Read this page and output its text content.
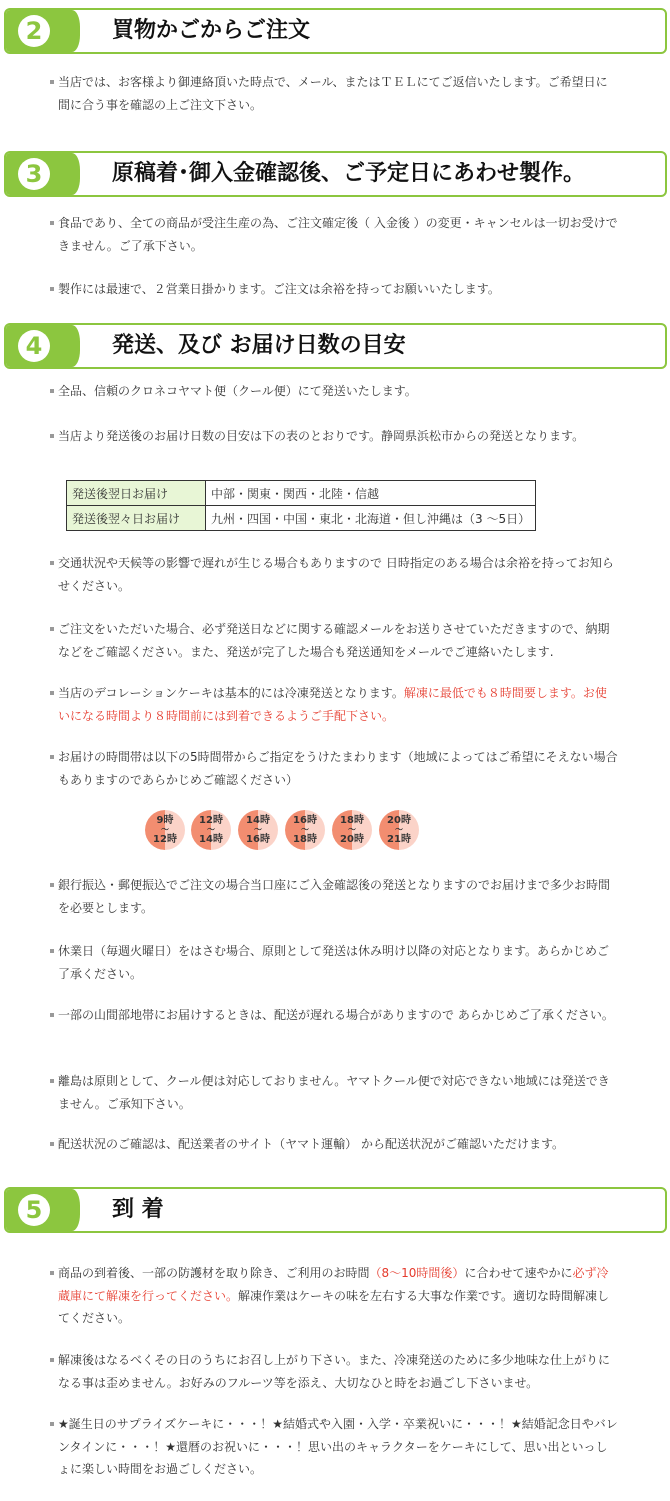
2	買物かごからご注文
当店では、お客様より御連絡頂いた時点で、メール、またはＴＥＬにてご返信いたします。ご希望日に間に合う事を確認の上ご注文下さい。
3	原稿着･御入金確認後、ご予定日にあわせ製作。
食品であり、全ての商品が受注生産の為、ご注文確定後（ 入金後 ）の変更・キャンセルは一切お受けできません。ご了承下さい。
製作には最速で、２営業日掛かります。ご注文は余裕を持ってお願いいたします。
4	発送、及び お届け日数の目安
全品、信頼のクロネコヤマト便（クール便）にて発送いたします。
当店より発送後のお届け日数の目安は下の表のとおりです。静岡県浜松市からの発送となります。
発送後翌日お届け	中部・関東・関西・北陸・信越
発送後翌々日お届け	九州・四国・中国・東北・北海道・但し沖縄は（3 〜5日）
交通状況や天候等の影響で遅れが生じる場合もありますので 日時指定のある場合は余裕を持ってお知らせください。
ご注文をいただいた場合、必ず発送日などに関する確認メールをお送りさせていただきますので、納期などをご確認ください。また、発送が完了した場合も発送通知をメールでご連絡いたします.
当店のデコレーションケーキは基本的には冷凍発送となります。解凍に最低でも８時間要します。お使いになる時間より８時間前には到着できるようご手配下さい。
お届けの時間帯は以下の5時間帯からご指定をうけたまわります（地域によってはご希望にそえない場合もありますのであらかじめご確認ください）
9時
〜
12時
12時
〜
14時
14時
〜
16時
16時
〜
18時
18時
〜
20時
20時
〜
21時
銀行振込・郵便振込でご注文の場合当口座にご入金確認後の発送となりますのでお届けまで多少お時間を必要とします。
休業日（毎週火曜日）をはさむ場合、原則として発送は休み明け以降の対応となります。あらかじめご了承ください。
一部の山間部地帯にお届けするときは、配送が遅れる場合がありますので あらかじめご了承ください。
離島は原則として、クール便は対応しておりません。ヤマトクール便で対応できない地域には発送できません。ご承知下さい。
配送状況のご確認は、配送業者のサイト（ヤマト運輸） から配送状況がご確認いただけます。
5	到 着
商品の到着後、一部の防護材を取り除き、ご利用のお時間（8〜10時間後）に合わせて速やかに必ず冷蔵庫にて解凍を行ってください。解凍作業はケーキの味を左右する大事な作業です。適切な時間解凍してください。
解凍後はなるべくその日のうちにお召し上がり下さい。また、冷凍発送のために多少地味な仕上がりになる事は歪めません。お好みのフルーツ等を添え、大切なひと時をお過ごし下さいませ。
★誕生日のサプライズケーキに・・・！★結婚式や入園・入学・卒業祝いに・・・！★結婚記念日やバレンタインに・・・！★還暦のお祝いに・・・！思い出のキャラクターをケーキにして、思い出といっしょに楽しい時間をお過ごしください。
